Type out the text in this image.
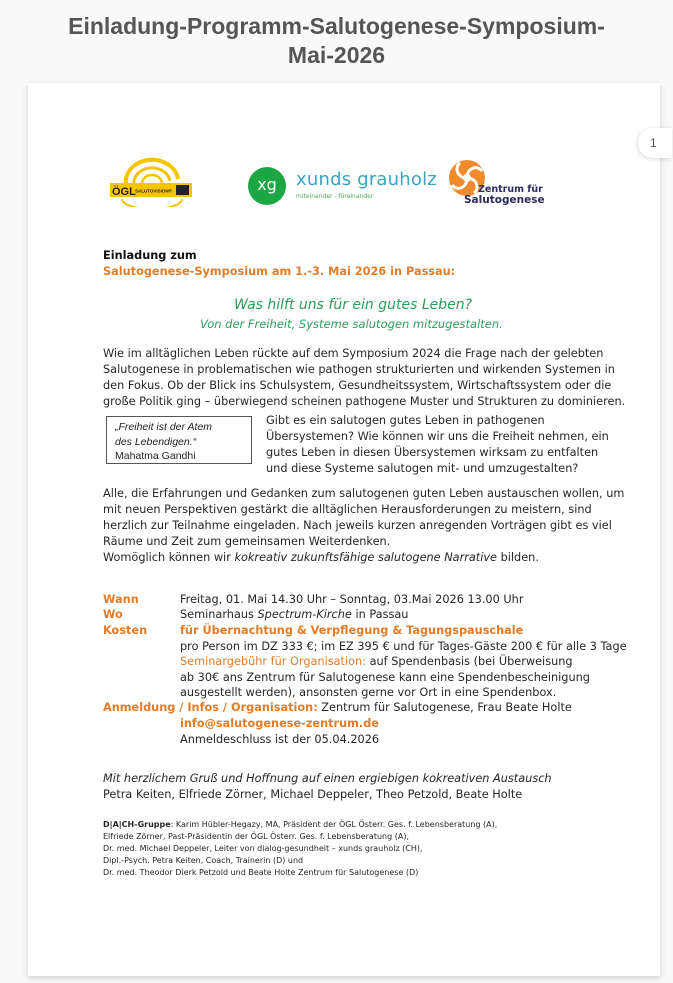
Einladung-Programm-Salutogenese-Symposium-
Mai-2026
1
ÖGL SALUTOVISION®	xg	xunds grauholz
miteinander - füreinander
Zentrum für
Salutogenese
Einladung zum
Salutogenese-Symposium am 1.-3. Mai 2026 in Passau:
Was hilft uns für ein gutes Leben?
Von der Freiheit, Systeme salutogen mitzugestalten.
Wie im alltäglichen Leben rückte auf dem Symposium 2024 die Frage nach der gelebten
Salutogenese in problematischen wie pathogen strukturierten und wirkenden Systemen in
den Fokus. Ob der Blick ins Schulsystem, Gesundheitssystem, Wirtschaftssystem oder die
große Politik ging – überwiegend scheinen pathogene Muster und Strukturen zu dominieren.
„Freiheit ist der Atem
des Lebendigen.“
Mahatma Gandhi
Gibt es ein salutogen gutes Leben in pathogenen
Übersystemen? Wie können wir uns die Freiheit nehmen, ein
gutes Leben in diesen Übersystemen wirksam zu entfalten
und diese Systeme salutogen mit- und umzugestalten?
Alle, die Erfahrungen und Gedanken zum salutogenen guten Leben austauschen wollen, um
mit neuen Perspektiven gestärkt die alltäglichen Herausforderungen zu meistern, sind
herzlich zur Teilnahme eingeladen. Nach jeweils kurzen anregenden Vorträgen gibt es viel
Räume und Zeit zum gemeinsamen Weiterdenken.
Womöglich können wir kokreativ zukunftsfähige salutogene Narrative bilden.
Wann	Freitag, 01. Mai 14.30 Uhr – Sonntag, 03.Mai 2026 13.00 Uhr
Wo	Seminarhaus Spectrum-Kirche in Passau
Kosten	für Übernachtung & Verpflegung & Tagungspauschale
pro Person im DZ 333 €; im EZ 395 € und für Tages-Gäste 200 € für alle 3 Tage
Seminargebühr für Organisation: auf Spendenbasis (bei Überweisung
ab 30€ ans Zentrum für Salutogenese kann eine Spendenbescheinigung
ausgestellt werden), ansonsten gerne vor Ort in eine Spendenbox.
Anmeldung / Infos / Organisation: Zentrum für Salutogenese, Frau Beate Holte
info@salutogenese-zentrum.de
Anmeldeschluss ist der 05.04.2026
Mit herzlichem Gruß und Hoffnung auf einen ergiebigen kokreativen Austausch
Petra Keiten, Elfriede Zörner, Michael Deppeler, Theo Petzold, Beate Holte
D|A|CH-Gruppe: Karim Hübler-Hegazy, MA, Präsident der ÖGL Österr. Ges. f. Lebensberatung (A),
Elfriede Zörner, Past-Präsidentin der ÖGL Österr. Ges. f. Lebensberatung (A),
Dr. med. Michael Deppeler, Leiter von dialog-gesundheit – xunds grauholz (CH),
Dipl.-Psych. Petra Keiten, Coach, Trainerin (D) und
Dr. med. Theodor Dierk Petzold und Beate Holte Zentrum für Salutogenese (D)
